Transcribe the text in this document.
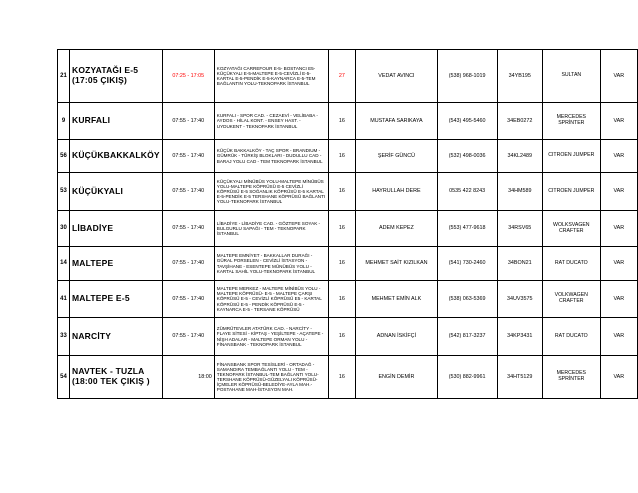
21	KOZYATAĞI E-5 (17:05 ÇIKIŞ)	07:25 - 17:05	KOZYATAĞI CARREFOUR E-5- BOSTANCI E5- KÜÇÜKYALI E-5-MALTEPE E-5-CEVİZLİ E-5-KARTAL E-5-PENDİK E-5-KAYNARCA E-5-TEM BAĞLANTIN YOLU-TEKNOPARK İSTANBUL	27	VEDAT AVINCI	(538) 968-1019	34YB195	SULTAN	VAR
9	KURFALI	07:55 - 17:40	KURFALI - SPOR CAD. - CEZAEVİ - VELİBABA - AYDOS - HİLAL KONT. - ENSEY HAST. - UYDUKENT - TEKNOPARK İSTANBUL	16	MUSTAFA SARIKAYA	(543) 495-5460	34EB0272	MERCEDES SPRİNTER	VAR
56	KÜÇÜKBAKKALKÖY	07:55 - 17:40	KÜÇÜK BAKKALKÖY - TAÇ SPOR - BRANDIUM - GÜMRÜK - TÜRKİŞ BLOKLARI - DUDULLU CAD - BARAJ YOLU CAD - TEM TEKNOPARK İSTANBUL	16	ŞERİF GÜNCÜ	(532) 498-0036	34KL2489	CITROEN JUMPER	VAR
53	KÜÇÜKYALI	07:55 - 17:40	KÜÇÜKYALI MİNÜBÜS YOLU-MALTEPE MİNÜBÜS YOLU-MALTEPE KÖPRÜSÜ E-5 CEVİZLİ KÖPRÜSÜ E-5 SOĞANLIK KÖPRÜSÜ E-5 KARTAL E-5-PENDİK E-5 TERSHANE KÖPRÜSÜ BAĞLANTI YOLU-TEKNOPARK İSTANBUL	16	HAYRULLAH DERE	0535 422 8243	34HM589	CITROEN JUMPER	VAR
30	LİBADİYE	07:55 - 17:40	LİBADİYE - LİBADİYE CAD. - GÖZTEPE SOYAK - BULGURLU SAPAĞI - TEM - TEKNOPARK İSTANBUL	16	ADEM KEPEZ	(553) 477-9618	34RSV65	WOLKSVAGEN CRAFTER	VAR
14	MALTEPE	07:55 - 17:40	MALTEPE EMNİYET - BAKKALLAR DURAĞI - GÜRAL PORSELEN - CEVİZLİ İSTASYON - TAVŞİHANE - ESENTEPE MÜNÜBÜS YOLU - KARTAL SAHİL YOLU-TEKNOPARK İSTANBUL	16	MEHMET SAİT KIZILKAN	(541) 730-2460	34BON21	RAT DUCATO	VAR
41	MALTEPE E-5	07:55 - 17:40	MALTEPE MERKEZ - MALTEPE MİNİBÜS YOLU - MALTEPE KÖPRÜSÜ- E-5 - MALTEPE ÇARŞI KÖPRÜSÜ E-5 - CEVİZLİ KÖPRÜSÜ E5 - KARTAL KÖPRÜSÜ E-5 - PENDİK KÖPRÜSÜ E-5 - KAYNARCA E-5 - TERSANE KÖPRÜSÜ	16	MEHMET EMİN ALK	(538) 063-5369	34UV3575	VOLKWAGEN CRAFTER	VAR
33	NARCİTY	07:55 - 17:40	ZÜMRÜTEVLER ATATÜRK CAD. - NARCİTY - FLAYE SİTESİ - KİPTAŞ - YEŞİLTEPE - AÇATEPE - NİŞH ADALAR - MALTEPE ORMAN YOLU - FİNANSBANK - TEKNOPARK İSTANBUL	16	ADNAN İSKİFÇİ	(542) 817-3237	34KP3431	RAT DUCATO	VAR
54	NAVTEK - TUZLA (18:00 TEK ÇIKIŞ )	18:00	FİNANSBANK SPOR TESİSLERİ - ORTADAĞ - SAMANDIRA TEMBAĞLANTI YOLU - TEM - TEKNOPARK İSTANBUL-TEM BAĞLANTI YOLU-TERSHANE KÖPRÜSÜ-GÜZELYALI KÖPRÜSÜ-İÇMELER KÖPRÜSÜ-BELEDİYE-AYLA MAH.-POSTAHANE MAH-İSTASYON MAH.	16	ENGİN DEMİR	(530) 882-9961	34HT5129	MERCEDES SPRİNTER	VAR
